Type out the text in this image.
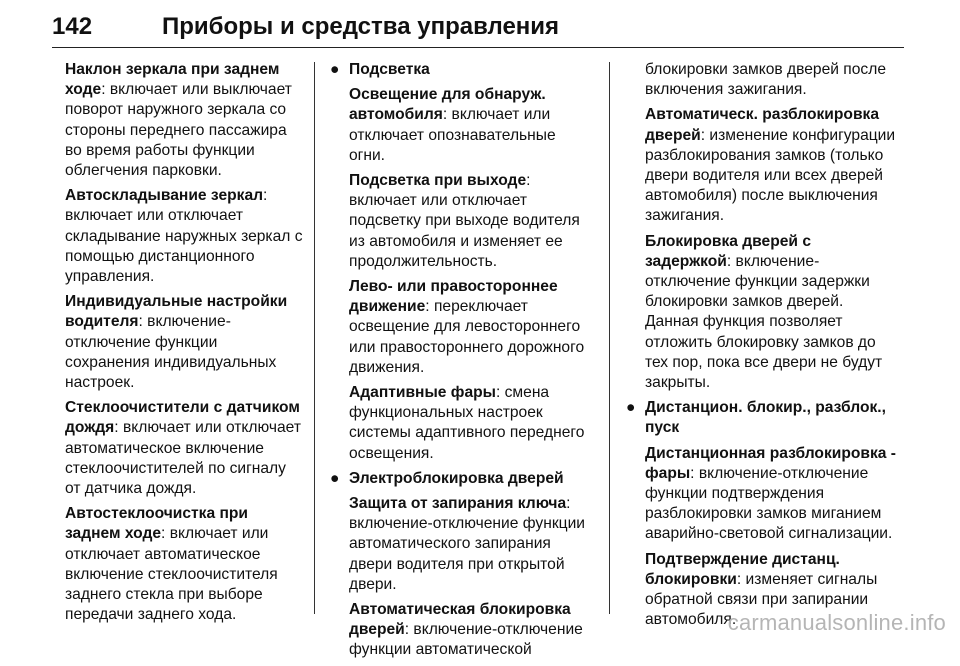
142	Приборы и средства управления

Наклон зеркала при заднем ходе: включает или выключает поворот наружного зеркала со стороны переднего пассажира во время работы функции облегчения парковки.

Автоскладывание зеркал: включает или отключает складывание наружных зеркал с помощью дистанционного управления.

Индивидуальные настройки водителя: включение-отключение функции сохранения индивидуальных настроек.

Стеклоочистители с датчиком дождя: включает или отключает автоматическое включение стеклоочистителей по сигналу от датчика дождя.

Автостеклоочистка при заднем ходе: включает или отключает автоматическое включение стеклоочистителя заднего стекла при выборе передачи заднего хода.

● Подсветка

Освещение для обнаруж. автомобиля: включает или отключает опознавательные огни.

Подсветка при выходе: включает или отключает подсветку при выходе водителя из автомобиля и изменяет ее продолжительность.

Лево- или правостороннее движение: переключает освещение для левостороннего или правостороннего дорожного движения.

Адаптивные фары: смена функциональных настроек системы адаптивного переднего освещения.

● Электроблокировка дверей

Защита от запирания ключа: включение-отключение функции автоматического запирания двери водителя при открытой двери.

Автоматическая блокировка дверей: включение-отключение функции автоматической

блокировки замков дверей после включения зажигания.

Автоматическ. разблокировка дверей: изменение конфигурации разблокирования замков (только двери водителя или всех дверей автомобиля) после выключения зажигания.

Блокировка дверей с задержкой: включение-отключение функции задержки блокировки замков дверей. Данная функция позволяет отложить блокировку замков до тех пор, пока все двери не будут закрыты.

● Дистанцион. блокир., разблок., пуск

Дистанционная разблокировка - фары: включение-отключение функции подтверждения разблокировки замков миганием аварийно-световой сигнализации.

Подтверждение дистанц. блокировки: изменяет сигналы обратной связи при запирании автомобиля.

carmanualsonline.info
